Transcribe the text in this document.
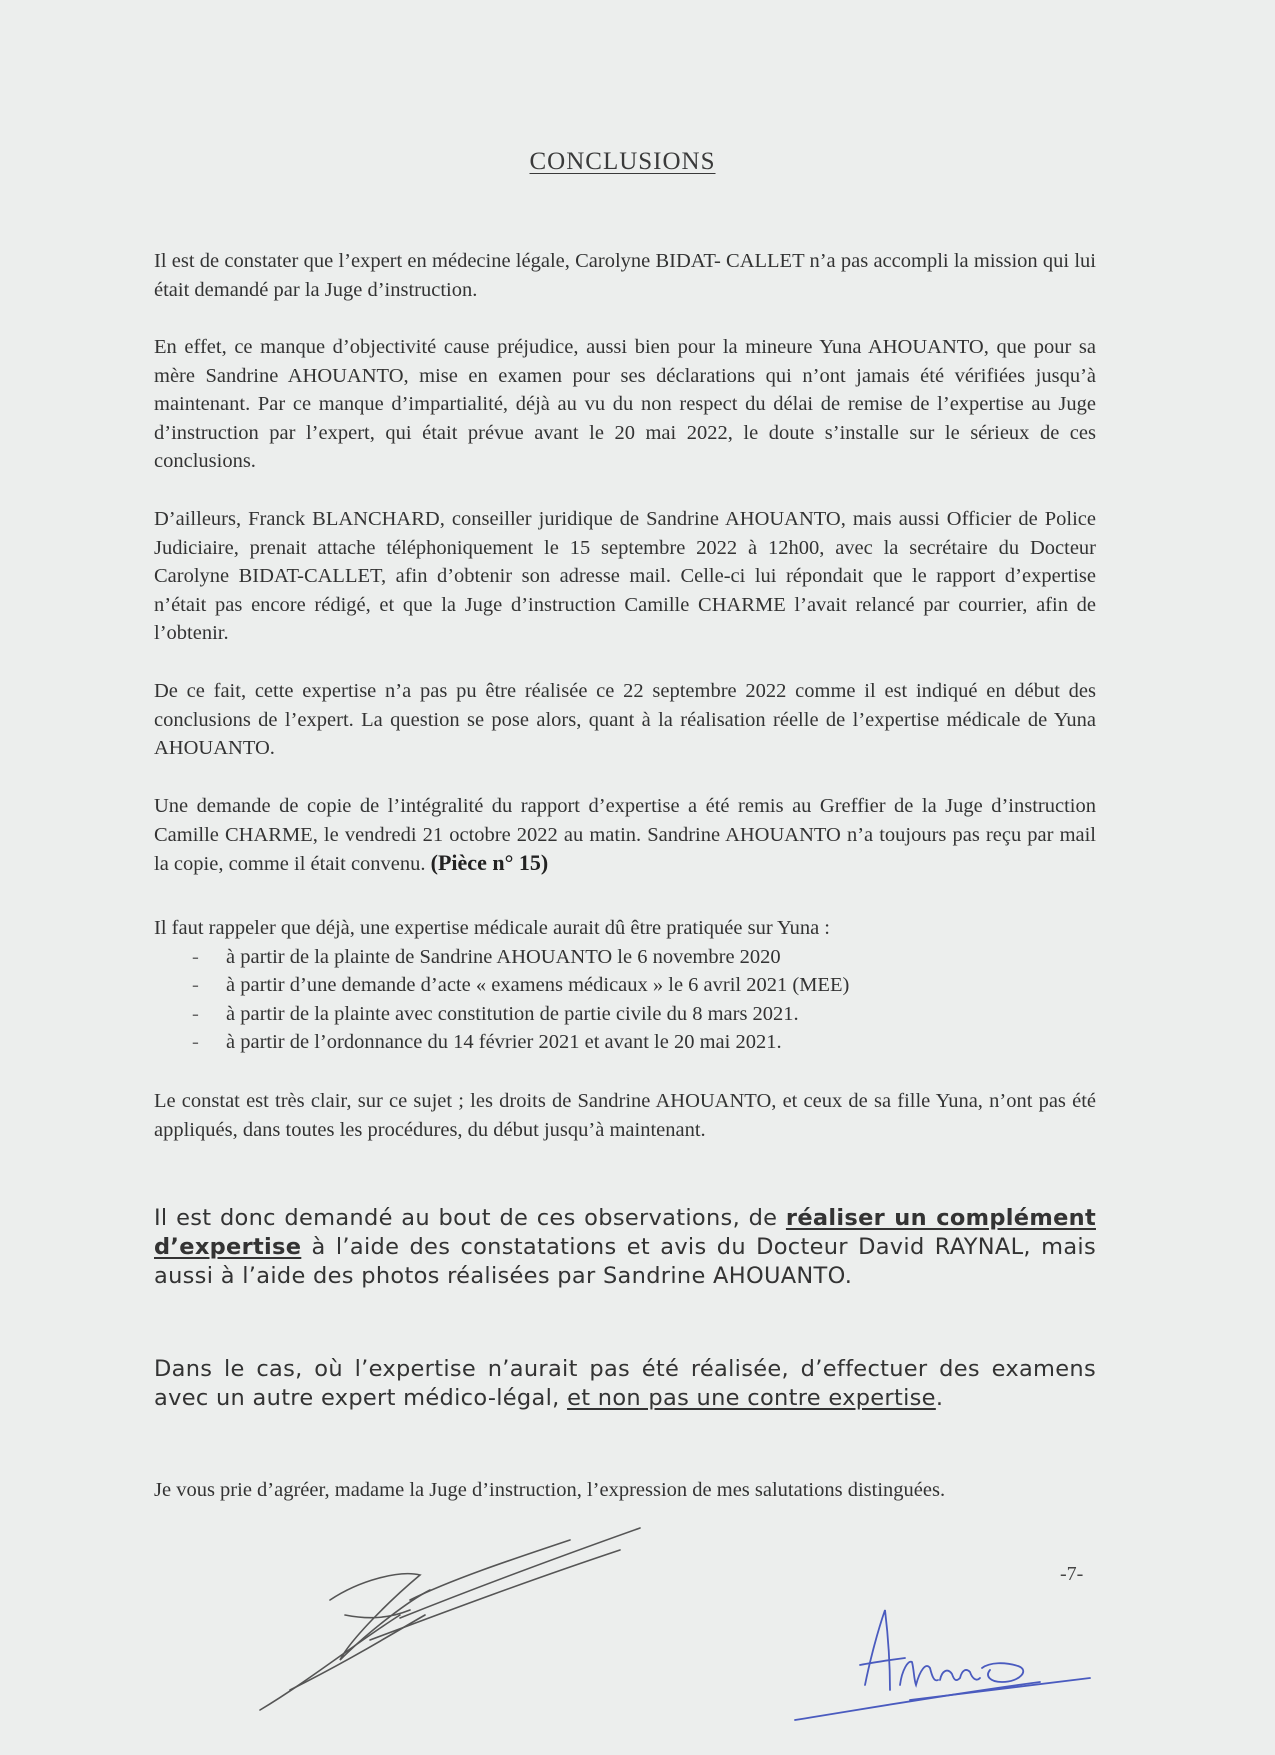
CONCLUSIONS
Il est de constater que l’expert en médecine légale, Carolyne BIDAT- CALLET n’a pas accompli la mission qui lui était demandé par la Juge d’instruction.
En effet, ce manque d’objectivité cause préjudice, aussi bien pour la mineure Yuna AHOUANTO, que pour sa mère Sandrine AHOUANTO, mise en examen pour ses déclarations qui n’ont jamais été vérifiées jusqu’à maintenant. Par ce manque d’impartialité, déjà au vu du non respect du délai de remise de l’expertise au Juge d’instruction par l’expert, qui était prévue avant le 20 mai 2022, le doute s’installe sur le sérieux de ces conclusions.
D’ailleurs, Franck BLANCHARD, conseiller juridique de Sandrine AHOUANTO, mais aussi Officier de Police Judiciaire, prenait attache téléphoniquement le 15 septembre 2022 à 12h00, avec la secrétaire du Docteur Carolyne BIDAT-CALLET, afin d’obtenir son adresse mail. Celle-ci lui répondait que le rapport d’expertise n’était pas encore rédigé, et que la Juge d’instruction Camille CHARME l’avait relancé par courrier, afin de l’obtenir.
De ce fait, cette expertise n’a pas pu être réalisée ce 22 septembre 2022 comme il est indiqué en début des conclusions de l’expert. La question se pose alors, quant à la réalisation réelle de l’expertise médicale de Yuna AHOUANTO.
Une demande de copie de l’intégralité du rapport d’expertise a été remis au Greffier de la Juge d’instruction Camille CHARME, le vendredi 21 octobre 2022 au matin. Sandrine AHOUANTO n’a toujours pas reçu par mail la copie, comme il était convenu. (Pièce n° 15)
Il faut rappeler que déjà, une expertise médicale aurait dû être pratiquée sur Yuna :
-	à partir de la plainte de Sandrine AHOUANTO le 6 novembre 2020
-	à partir d’une demande d’acte « examens médicaux » le 6 avril 2021 (MEE)
-	à partir de la plainte avec constitution de partie civile du 8 mars 2021.
-	à partir de l’ordonnance du 14 février 2021 et avant le 20 mai 2021.
Le constat est très clair, sur ce sujet ; les droits de Sandrine AHOUANTO, et ceux de sa fille Yuna, n’ont pas été appliqués, dans toutes les procédures, du début jusqu’à maintenant.
Il est donc demandé au bout de ces observations, de réaliser un complément d’expertise à l’aide des constatations et avis du Docteur David RAYNAL, mais aussi à l’aide des photos réalisées par Sandrine AHOUANTO.
Dans le cas, où l’expertise n’aurait pas été réalisée, d’effectuer des examens avec un autre expert médico-légal, et non pas une contre expertise.
Je vous prie d’agréer, madame la Juge d’instruction, l’expression de mes salutations distinguées.
-7-
